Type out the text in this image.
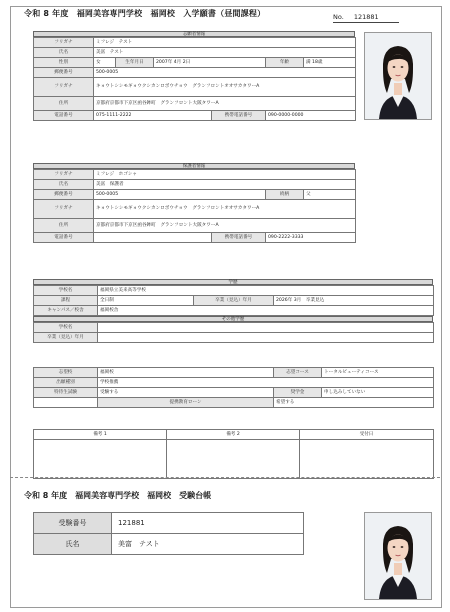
令和 8 年度　福岡美容専門学校　福岡校　入学願書（昼間課程）	No. 121881
志願者情報
フリガナ	ミフレジ　テスト					
氏名	美富　テスト					
性別	女	生年月日	2007年 4月 2日		年齢	満 18歳
郵便番号	500-0005					
フリガナ	キョウトシシモギョウクシカンロボウチョウ　グランフロントオオサカタワーA					
住所	京都府京都市下京区函谷鉾町　グランフロント大阪タワーA					
電話番号	075-1111-2222			携帯電話番号	090-0000-0000	
保護者情報
フリガナ	ミフレジ　ホゴシャ			
氏名	美富　保護者			
郵便番号	500-0005		続柄	父
フリガナ	キョウトシシモギョウクシカンロボウチョウ　グランフロントオオサカタワーA			
住所	京都府京都市下京区函谷鉾町　グランフロント大阪タワーA			
電話番号		携帯電話番号	090-2222-3333	
学歴
学校名	福岡県立美来高等学校		
課程	全日制	卒業（見込）年月	2026年 3月　卒業見込
キャンパス／校舎	福岡校舎		
その他学歴
学校名	
卒業（見込）年月	
志望校	福岡校	志望コース	トータルビューティコース
出願種別	学校推薦		
特待生試験	受験する	奨学金	申し込みしていない
	提携教育ローン	希望する	
備考 1	備考 2	受付日

令和 8 年度　福岡美容専門学校　福岡校　受験台帳
受験番号	121881
氏名	美富　テスト
